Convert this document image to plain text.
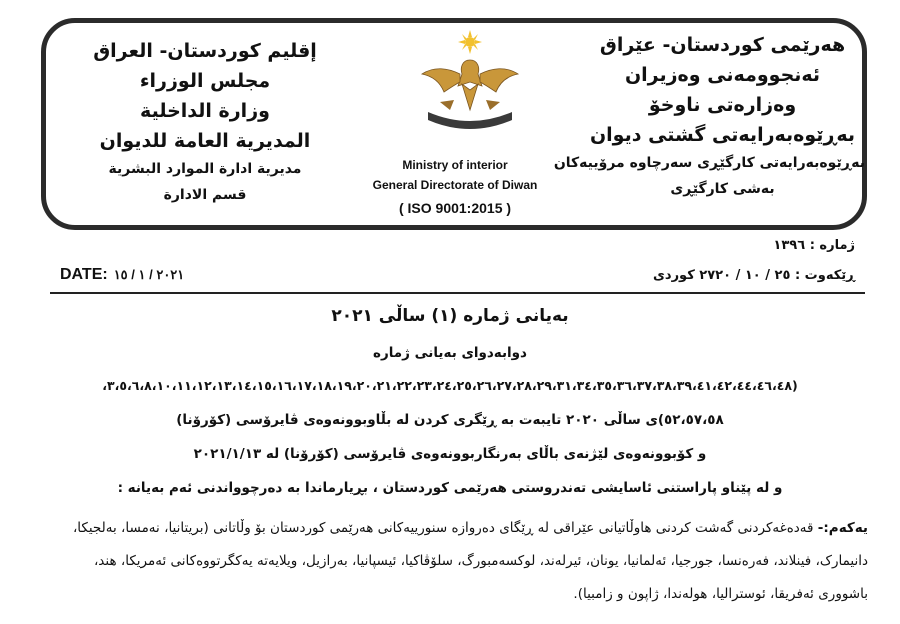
إقليم كوردستان- العراق
مجلس الوزراء
وزارة الداخلية
المديرية العامة للديوان
مديرية ادارة الموارد البشرية
قسم الادارة
هەرێمی کوردستان- عێراق
ئەنجوومەنی وەزیران
وەزارەتی ناوخۆ
بەڕێوەبەرایەتی گشتی دیوان
بەڕێوەبەرایەتی کارگێڕی سەرچاوە مرۆییەکان
بەشی کارگێڕی
Ministry of interior
General Directorate of Diwan
( ISO 9001:2015 )
ژمارە : ١٣٩٦
ڕێکەوت : ٢٥ / ١٠ / ٢٧٢٠ کوردی
DATE: ٢٠٢١ / ١ / ١٥
بەیانی ژمارە (١) ساڵی ٢٠٢١
دوابەدوای بەیانی ژمارە
(٣،٥،٦،٨،١٠،١١،١٢،١٣،١٤،١٥،١٦،١٧،١٨،١٩،٢٠،٢١،٢٢،٢٣،٢٤،٢٥،٢٦،٢٧،٢٨،٢٩،٣١،٣٤،٣٥،٣٦،٣٧،٣٨،٣٩،٤١،٤٢،٤٤،٤٦،٤٨،
٥٢،٥٧،٥٨)ی ساڵی ٢٠٢٠ تایبەت بە ڕێگری کردن لە بڵاوبوونەوەی ڤایرۆسی (کۆرۆنا)
و کۆبوونەوەی لێژنەی باڵای بەرنگاربوونەوەی ڤایرۆسی (کۆرۆنا) لە ٢٠٢١/١/١٣
و لە پێناو پاراستنی ئاسایشی تەندروستی هەرێمی کوردستان ، بڕیارماندا بە دەرچوواندنی ئەم بەیانە :
یەکەم:- قەدەغەکردنی گەشت کردنی هاوڵاتیانی عێراقی لە ڕێگای دەروازە سنورییەکانی هەرێمی کوردستان بۆ وڵاتانی (بریتانیا، نەمسا، بەلجیکا، دانیمارک، فینلاند، فەرەنسا، جورجیا، ئەلمانیا، یونان، ئیرلەند، لوکسەمبورگ، سلۆڤاکیا، ئیسپانیا، بەرازیل، ویلایەتە یەکگرتووەکانی ئەمریکا، هند، باشووری ئەفریقا، ئوسترالیا، هولەندا، ژاپون و زامبیا).
